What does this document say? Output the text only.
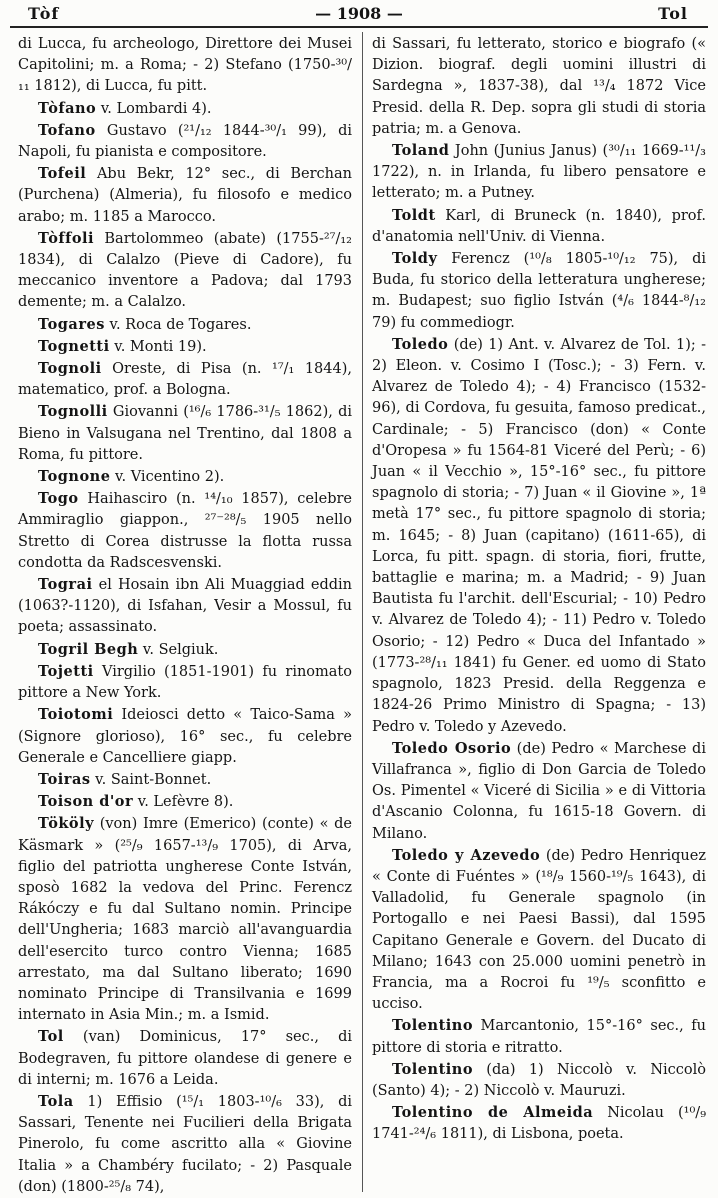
Tòf	— 1908 —	Tol

di Lucca, fu archeologo, Direttore dei Musei Capitolini; m. a Roma; - 2) Stefano (1750-³⁰/₁₁ 1812), di Lucca, fu pitt.

Tòfano v. Lombardi 4).

Tofano Gustavo (²¹/₁₂ 1844-³⁰/₁ 99), di Napoli, fu pianista e compositore.

Tofeil Abu Bekr, 12° sec., di Berchan (Purchena) (Almeria), fu filosofo e medico arabo; m. 1185 a Marocco.

Tòffoli Bartolommeo (abate) (1755-²⁷/₁₂ 1834), di Calalzo (Pieve di Cadore), fu meccanico inventore a Padova; dal 1793 demente; m. a Calalzo.

Togares v. Roca de Togares.

Tognetti v. Monti 19).

Tognoli Oreste, di Pisa (n. ¹⁷/₁ 1844), matematico, prof. a Bologna.

Tognolli Giovanni (¹⁶/₆ 1786-³¹/₅ 1862), di Bieno in Valsugana nel Trentino, dal 1808 a Roma, fu pittore.

Tognone v. Vicentino 2).

Togo Haihasciro (n. ¹⁴/₁₀ 1857), celebre Ammiraglio giappon., ²⁷⁻²⁸/₅ 1905 nello Stretto di Corea distrusse la flotta russa condotta da Radscesvenski.

Tograi el Hosain ibn Ali Muaggiad eddin (1063?-1120), di Isfahan, Vesir a Mossul, fu poeta; assassinato.

Togril Begh v. Selgiuk.

Tojetti Virgilio (1851-1901) fu rinomato pittore a New York.

Toiotomi Ideiosci detto « Taico-Sama » (Signore glorioso), 16° sec., fu celebre Generale e Cancelliere giapp.

Toiras v. Saint-Bonnet.

Toison d'or v. Lefèvre 8).

Tököly (von) Imre (Emerico) (conte) « de Käsmark » (²⁵/₉ 1657-¹³/₉ 1705), di Arva, figlio del patriotta ungherese Conte István, sposò 1682 la vedova del Princ. Ferencz Rákóczy e fu dal Sultano nomin. Principe dell'Ungheria; 1683 marciò all'avanguardia dell'esercito turco contro Vienna; 1685 arrestato, ma dal Sultano liberato; 1690 nominato Principe di Transilvania e 1699 internato in Asia Min.; m. a Ismid.

Tol (van) Dominicus, 17° sec., di Bodegraven, fu pittore olandese di genere e di interni; m. 1676 a Leida.

Tola 1) Effisio (¹⁵/₁ 1803-¹⁰/₆ 33), di Sassari, Tenente nei Fucilieri della Brigata Pinerolo, fu come ascritto alla « Giovine Italia » a Chambéry fucilato; - 2) Pasquale (don) (1800-²⁵/₈ 74),

di Sassari, fu letterato, storico e biografo (« Dizion. biograf. degli uomini illustri di Sardegna », 1837-38), dal ¹³/₄ 1872 Vice Presid. della R. Dep. sopra gli studi di storia patria; m. a Genova.

Toland John (Junius Janus) (³⁰/₁₁ 1669-¹¹/₃ 1722), n. in Irlanda, fu libero pensatore e letterato; m. a Putney.

Toldt Karl, di Bruneck (n. 1840), prof. d'anatomia nell'Univ. di Vienna.

Toldy Ferencz (¹⁰/₈ 1805-¹⁰/₁₂ 75), di Buda, fu storico della letteratura ungherese; m. Budapest; suo figlio István (⁴/₆ 1844-⁸/₁₂ 79) fu commediogr.

Toledo (de) 1) Ant. v. Alvarez de Tol. 1); - 2) Eleon. v. Cosimo I (Tosc.); - 3) Fern. v. Alvarez de Toledo 4); - 4) Francisco (1532-96), di Cordova, fu gesuita, famoso predicat., Cardinale; - 5) Francisco (don) « Conte d'Oropesa » fu 1564-81 Viceré del Perù; - 6) Juan « il Vecchio », 15°-16° sec., fu pittore spagnolo di storia; - 7) Juan « il Giovine », 1ª metà 17° sec., fu pittore spagnolo di storia; m. 1645; - 8) Juan (capitano) (1611-65), di Lorca, fu pitt. spagn. di storia, fiori, frutte, battaglie e marina; m. a Madrid; - 9) Juan Bautista fu l'archit. dell'Escurial; - 10) Pedro v. Alvarez de Toledo 4); - 11) Pedro v. Toledo Osorio; - 12) Pedro « Duca del Infantado » (1773-²⁸/₁₁ 1841) fu Gener. ed uomo di Stato spagnolo, 1823 Presid. della Reggenza e 1824-26 Primo Ministro di Spagna; - 13) Pedro v. Toledo y Azevedo.

Toledo Osorio (de) Pedro « Marchese di Villafranca », figlio di Don Garcia de Toledo Os. Pimentel « Viceré di Sicilia » e di Vittoria d'Ascanio Colonna, fu 1615-18 Govern. di Milano.

Toledo y Azevedo (de) Pedro Henriquez « Conte di Fuéntes » (¹⁸/₉ 1560-¹⁹/₅ 1643), di Valladolid, fu Generale spagnolo (in Portogallo e nei Paesi Bassi), dal 1595 Capitano Generale e Govern. del Ducato di Milano; 1643 con 25.000 uomini penetrò in Francia, ma a Rocroi fu ¹⁹/₅ sconfitto e ucciso.

Tolentino Marcantonio, 15°-16° sec., fu pittore di storia e ritratto.

Tolentino (da) 1) Niccolò v. Niccolò (Santo) 4); - 2) Niccolò v. Mauruzi.

Tolentino de Almeida Nicolau (¹⁰/₉ 1741-²⁴/₆ 1811), di Lisbona, poeta.
